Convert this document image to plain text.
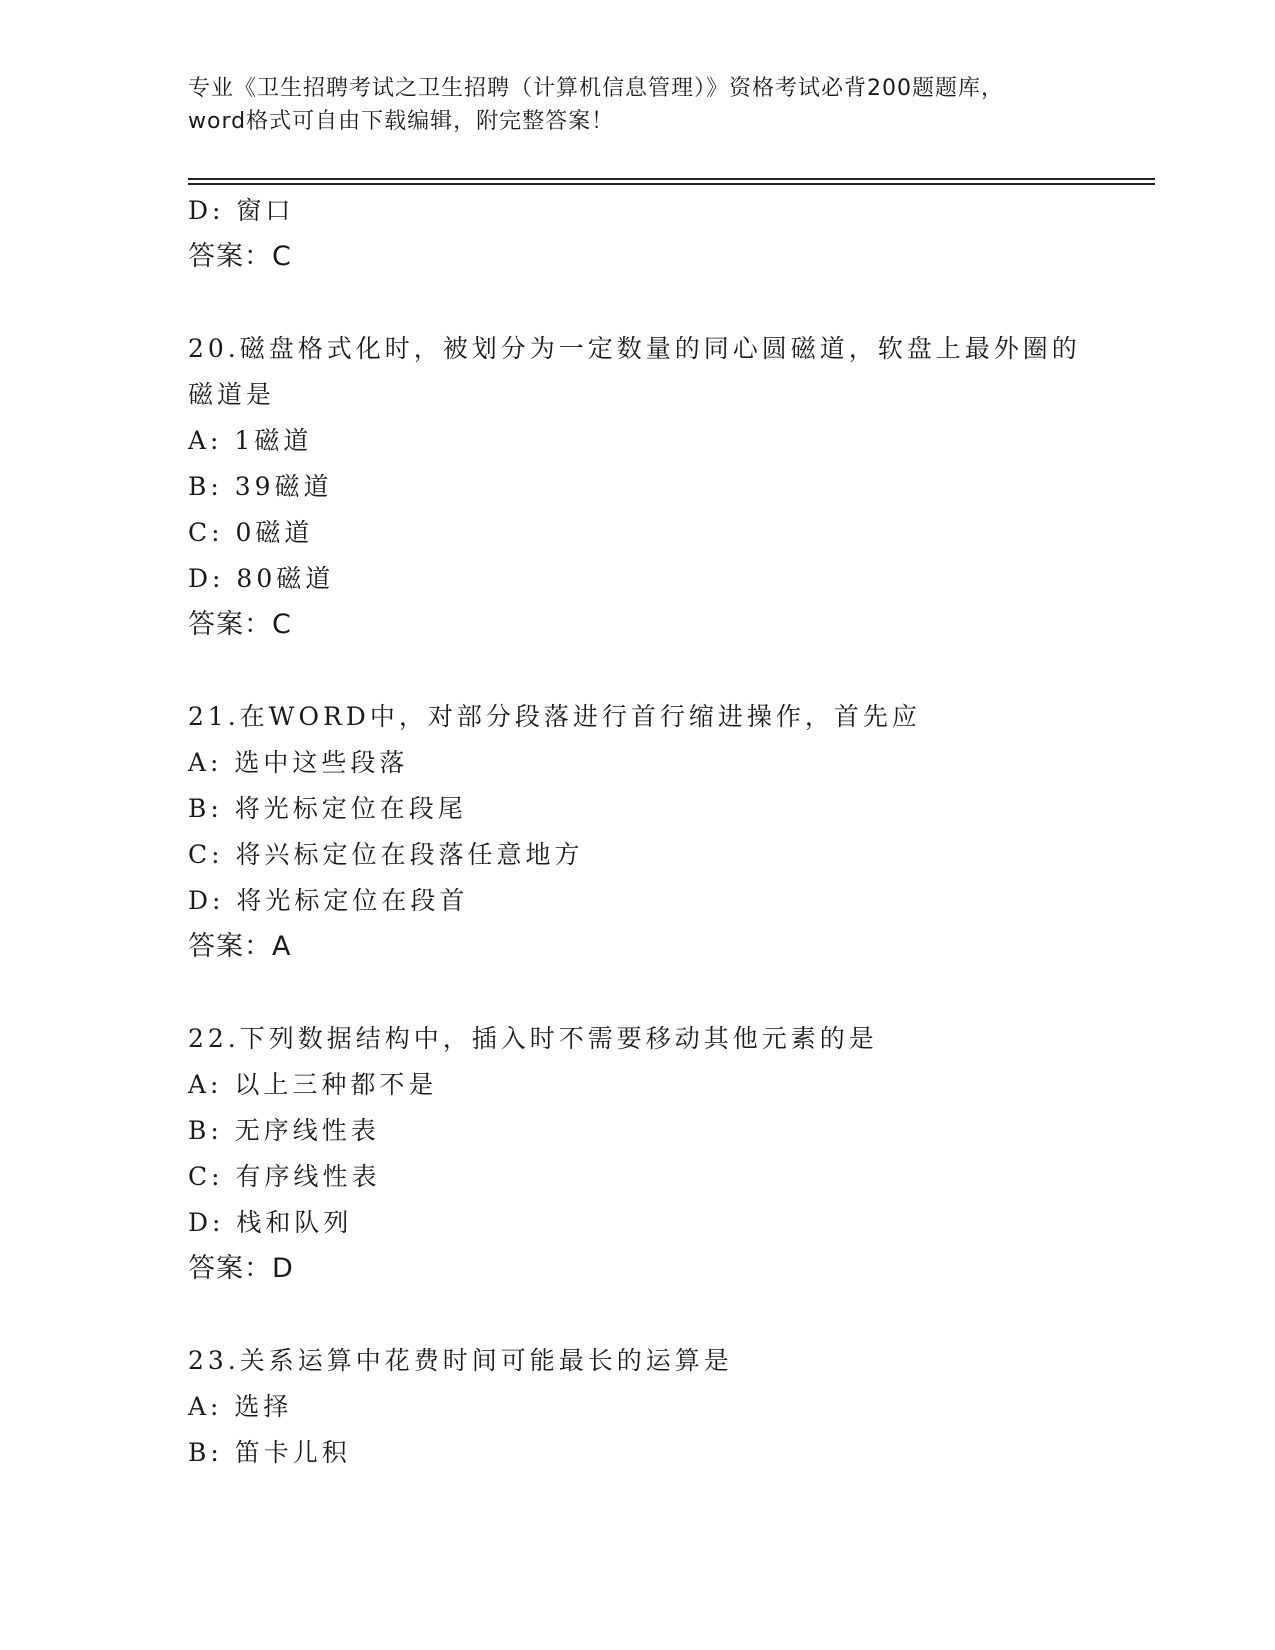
专业《卫生招聘考试之卫生招聘（计算机信息管理）》资格考试必背200题题库，
word格式可自由下载编辑，附完整答案！
D: 窗口
答案：C
20.磁盘格式化时，被划分为一定数量的同心圆磁道，软盘上最外圈的
磁道是
A: 1磁道
B: 39磁道
C: 0磁道
D: 80磁道
答案：C
21.在WORD中，对部分段落进行首行缩进操作，首先应
A: 选中这些段落
B: 将光标定位在段尾
C: 将兴标定位在段落任意地方
D: 将光标定位在段首
答案：A
22.下列数据结构中，插入时不需要移动其他元素的是
A: 以上三种都不是
B: 无序线性表
C: 有序线性表
D: 栈和队列
答案：D
23.关系运算中花费时间可能最长的运算是
A: 选择
B: 笛卡儿积
